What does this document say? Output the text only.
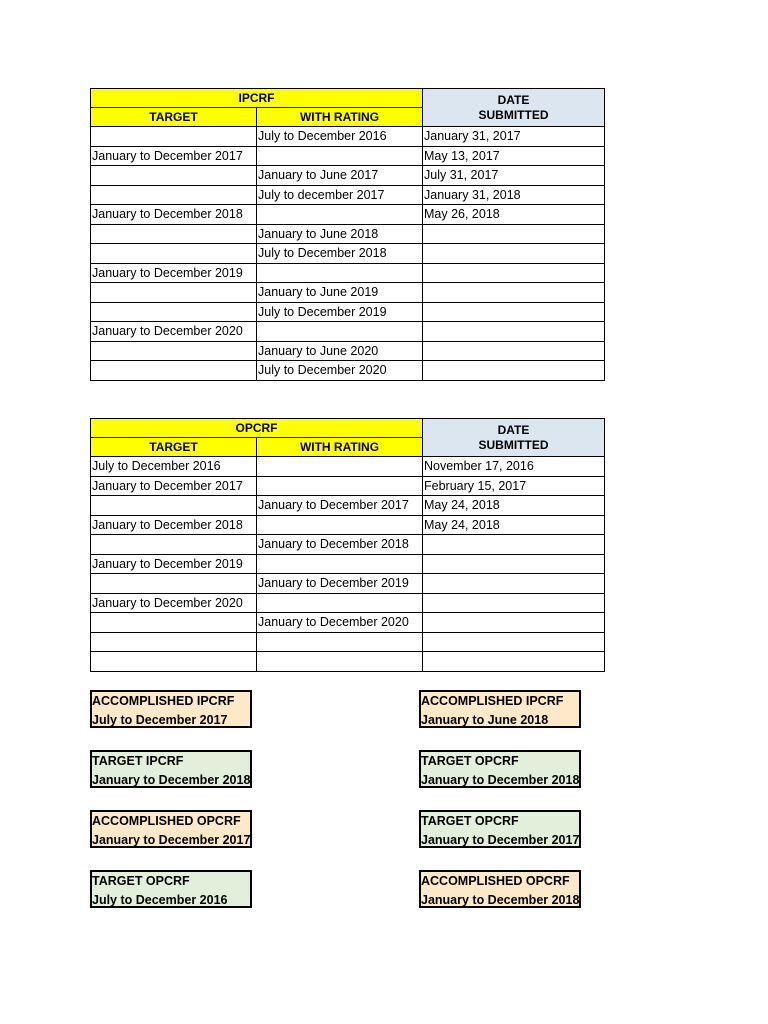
IPCRF		DATE
SUBMITTED
TARGET	WITH RATING	
	July to December 2016	January 31, 2017
January to December 2017		May 13, 2017
	January to June 2017	July 31, 2017
	July to december 2017	January 31, 2018
January to December 2018		May 26, 2018
	January to June 2018	
	July to December 2018	
January to December 2019		
	January to June 2019	
	July to December 2019	
January to December 2020		
	January to June 2020	
	July to December 2020	
OPCRF		DATE
SUBMITTED
TARGET	WITH RATING	
July to December 2016		November 17, 2016
January to December 2017		February 15, 2017
	January to December 2017	May 24, 2018
January to December 2018		May 24, 2018
	January to December 2018	
January to December 2019		
	January to December 2019	
January to December 2020		
	January to December 2020	

ACCOMPLISHED IPCRF
July to December 2017
ACCOMPLISHED IPCRF
January to June 2018
TARGET IPCRF
January to December 2018
TARGET OPCRF
January to December 2018
ACCOMPLISHED OPCRF
January to December 2017
TARGET OPCRF
January to December 2017
TARGET OPCRF
July to December 2016
ACCOMPLISHED OPCRF
January to December 2018
